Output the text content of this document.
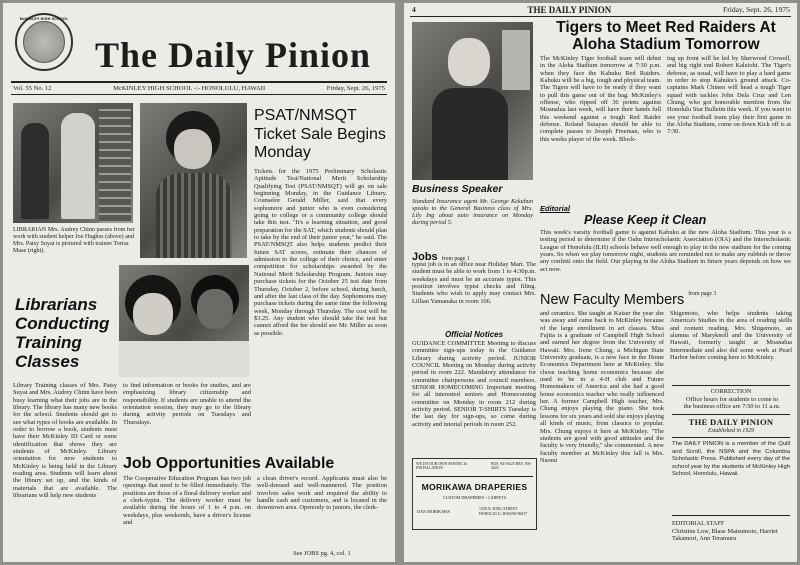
McKINLEY HIGH SCHOOL
The Daily Pinion
Vol. 55 No. 12	McKINLEY HIGH SCHOOL -:- HONOLULU, HAWAII	Friday, Sept. 26, 1975
LIBRARIAN Mrs. Audrey Chinn passes from her work with student helper Joe Hughes (above) and Mrs. Patsy Suyat is pictured with trainee Torisa Mase (right).
Librarians Conducting Training Classes
Library Training classes of Mrs. Patsy Suyat and Mrs. Audrey Chinn have been busy learning what their jobs are in the library. The library has many new books for the school. Students should get to see what types of books are available. In order to borrow a book, students must have their McKinley ID Card or some identification that shows they are students of McKinley. Library orientation for new students to McKinley is being held in the Library reading area. Students will learn about the library set up, and the kinds of materials that are available. The librarians will help new students
PSAT/NMSQT Ticket Sale Begins Monday
Tickets for the 1975 Preliminary Scholastic Aptitude Test/National Merit Scholarship Qualifying Test (PSAT/NMSQT) will go on sale beginning Monday, in the Guidance Library. Counselor Gerald Miller, said that every sophomore and junior who is even considering going to college or a community college should take this test. "It's a learning situation, and good preparation for the SAT, which students should plan to take by the end of their junior year," he said. The PSAT/NMSQT also helps students predict their future SAT scores, estimate their chances of admission to the college of their choice, and enter competition for scholarships awarded by the National Merit Scholarship Program. Juniors may purchase tickets for the October 25 test date from Thursday, October 2, before school, during lunch, and after the last class of the day. Sophomores may purchase tickets during the same time the following week, Monday through Thursday. The cost will be $3.25. Any student who should take the test but cannot afford the fee should see Mr. Miller as soon as possible.
to find information or books for studies, and are emphasizing library citizenship and responsibility. If students are unable to attend the orientation session, they may go to the library during activity periods on Tuesdays and Thursdays.
Job Opportunities Available
The Cooperative Education Program has two job openings that need to be filled immediately. The positions are those of a floral delivery worker and a clerk-typist. The delivery worker must be available during the hours of 1 to 4 p.m. on weekdays, plus weekends, have a driver's license and
a clean driver's record. Applicants must also be well-dressed and well-mannered. The position involves sales work and required the ability to handle cash and customers, and is located in the downtown area. Openonly to juniors, the clerk-
See JOBS pg. 4, col. 1
4	THE DAILY PINION	Friday, Sept. 26, 1975
Business Speaker
Standard Insurance agent Mr. George Kekuhun speaks to the General Business class of Mrs. Lily Ing about auto insurance on Monday during period 5.
Tigers to Meet Red Raiders At Aloha Stadium Tomorrow
The McKinley Tiger football team will debut in the Aloha Stadium tomorrow at 7:30 p.m. when they face the Kahuku Red Raiders. Kahuku will be a big, tough and physical team. The Tigers will have to be ready if they want to pull this game out of the bag. McKinley's offense, who ripped off 36 points against Moanalua last week, will have their hands full this weekend against a tough Red Raider defense. Roland Suiayao should be able to complete passes to Joseph Freeman, who is this weeks player of the week. Block-
ing up front will be led by Sherwood Crowell, and big right end Robert Kaleiohi. The Tiger's defense, as usual, will have to play a hard game in order to stop Kahuku's ground attack. Co-captains Mark Chinen will head a tough Tiger squad with tackles John Dela Cruz and Len Chung, who got honorable mention from the Honolulu Star Bulletin this week. If you want to see your football team play their first game in the Aloha Stadium, come on down Kick off is at 7:30.
Editorial
Please Keep it Clean
This week's varsity football game is against Kahuku at the new Aloha Stadium. This year is a testing period to determine if the Oahu Interscholastic Association (OIA) and the Interscholastic League of Honolulu (ILH) schools behave well enough to play in the new stadium for the coming years. So when we play tomorrow night, students are reminded not to make any rubbish or throw any confetti onto the field. Our playing in the Aloha Stadium in future years depends on how we act now.
Jobs from page 1
typist job is in an office near Holiday Mart. The student must be able to work from 1 to 4:30p.m. weekdays and must be an accurate typist. This position involves typist checks and filing. Students who wish to apply may contact Mrs. Lillian Yamanaka in room 106.
Official Notices
GUIDANCE COMMITTEE Meeting to discuss committee sign-ups today in the Guidance Library during activity period. JUNIOR COUNCIL Meeting on Monday during activity period in room 222. Mandatory attendance for committee chairpersons and council members. SENIOR HOMECOMING Important meeting for all interested seniors and Homecoming committee on Monday in room 212 during activity period. SENIOR T-SHIRTS Tuesday is the last day for sign-ups, so come during activity and tutorial periods in room 252.
WE DO OUR OWN SEWING & INSTALLATION
BUS. 941-6525 RES. 396-4243
MORIKAWA DRAPERIES
CUSTOM DRAPERIES - CARPETS
DAN MORIKAWA	1258 N. KING STREET HONOLULU, HAWAII 96817
New Faculty Members $^{from page 3}$
and ceramics. She taught at Kaiser the year she was away and came back to McKinley because of the large enrollment in art classes. Miss Fujita is a graduate of Campbell High School and earned her degree from the University of Hawaii. Mrs. Irene Chung, a Michigan State University graduate, is a new face in the Home Economics Department here at McKinley. She chose teaching home economics because she used to be in a 4-H club and Future Homemakers of America and she had a good home economics teacher who really influenced her. A former Campbell High teacher, Mrs. Chung enjoys playing the piano. She took lessons for six years and sold she enjoys playing all kinds of music, from classics to popular. Mrs. Chung enjoys it here at McKinley. "The students are good with good attitudes and the faculty is very friendly," she commented. A new faculty member at McKinley this fall is Mrs. Naomi
Shigemoto, who helps students taking America's Studies in the area of reading skills and content reading. Mrs. Shigemoto, an alumna of Maryknoll and the University of Hawaii, formerly taught at Moanalua Intermediate and also did some work at Pearl Harbor before coming here to McKinley.
CORRECTION
Office hours for students to come to the business office are 7:50 to 11 a.m.
THE DAILY PINION
Established in 1929
The DAILY PINION is a member of the Quill and Scroll, the NSPA and the Columbia Scholastic Press. Published every day of the school year by the students of McKinley High School, Honolulu, Hawaii.
EDITORIAL STAFF
Christine Low, Blase Matsumoto, Harriet Takamori, Ann Teramura
